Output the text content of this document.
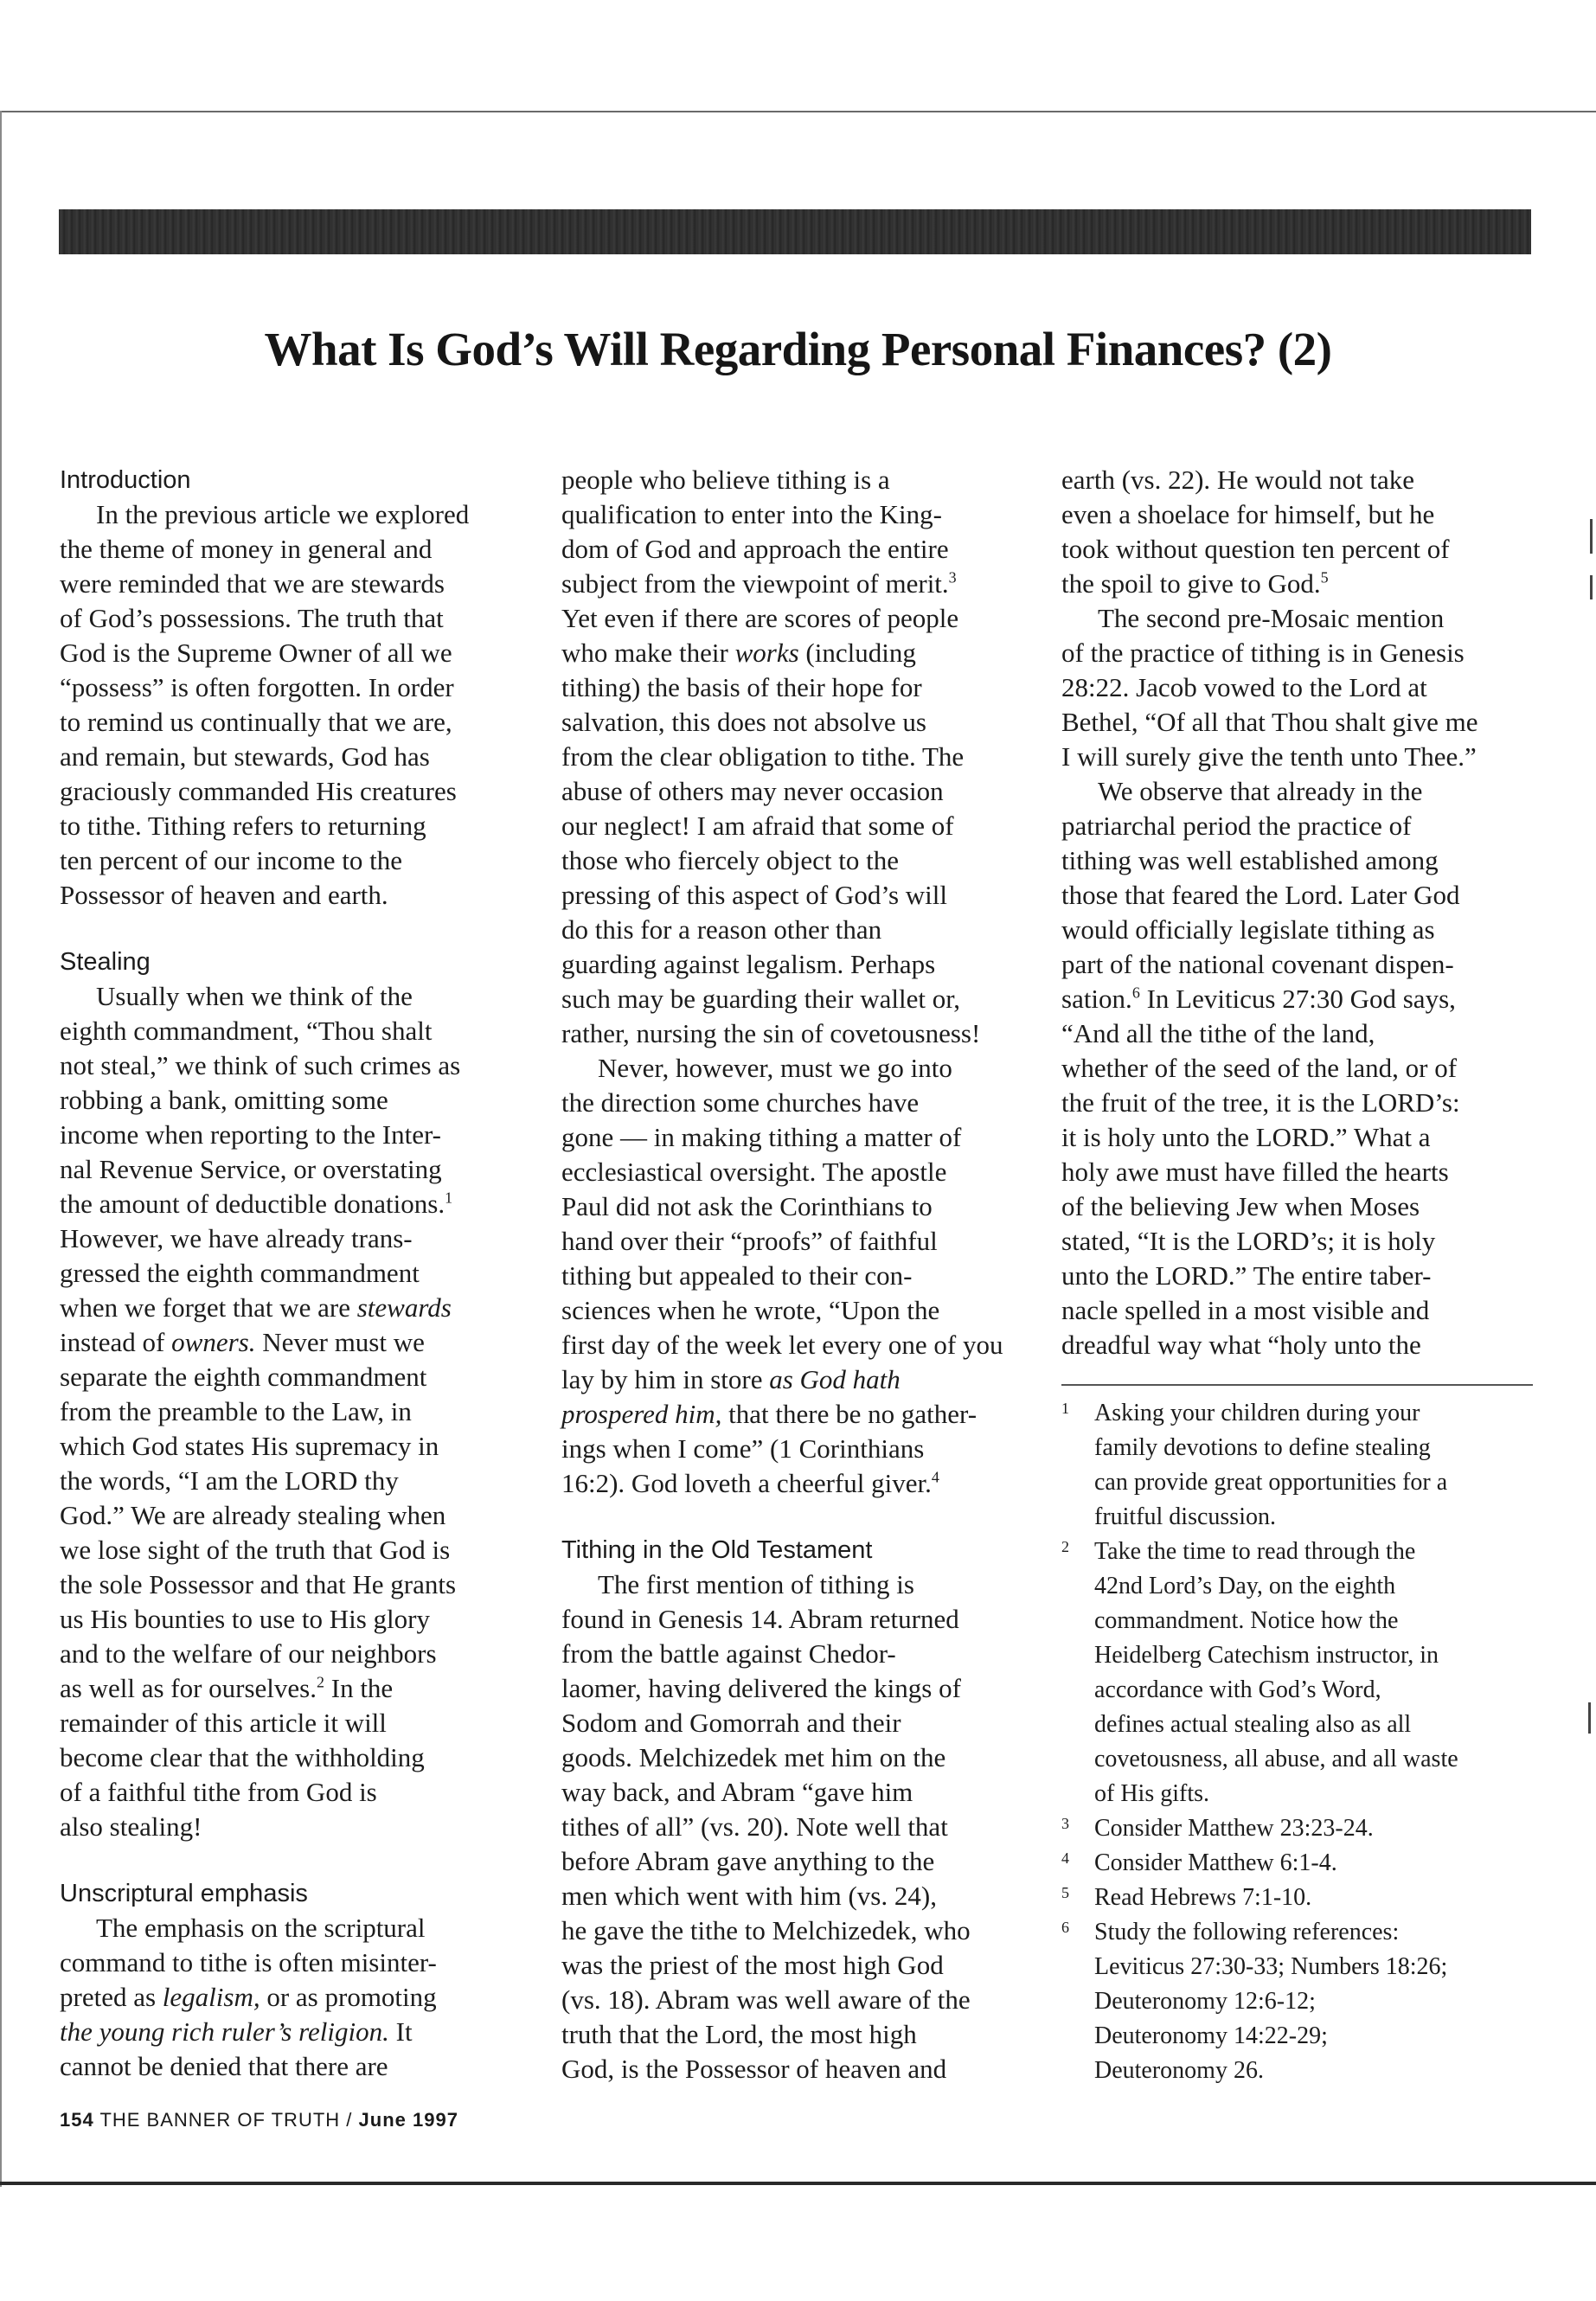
What Is God’s Will Regarding Personal Finances? (2)
Introduction
In the previous article we explored
the theme of money in general and
were reminded that we are stewards
of God’s possessions. The truth that
God is the Supreme Owner of all we
“possess” is often forgotten. In order
to remind us continually that we are,
and remain, but stewards, God has
graciously commanded His creatures
to tithe. Tithing refers to returning
ten percent of our income to the
Possessor of heaven and earth.
Stealing
Usually when we think of the
eighth commandment, “Thou shalt
not steal,” we think of such crimes as
robbing a bank, omitting some
income when reporting to the Inter-
nal Revenue Service, or overstating
the amount of deductible donations.$^1$
However, we have already trans-
gressed the eighth commandment
when we forget that we are stewards
instead of owners. Never must we
separate the eighth commandment
from the preamble to the Law, in
which God states His supremacy in
the words, “I am the LORD thy
God.” We are already stealing when
we lose sight of the truth that God is
the sole Possessor and that He grants
us His bounties to use to His glory
and to the welfare of our neighbors
as well as for ourselves.$^2$ In the
remainder of this article it will
become clear that the withholding
of a faithful tithe from God is
also stealing!
Unscriptural emphasis
The emphasis on the scriptural
command to tithe is often misinter-
preted as legalism, or as promoting
the young rich ruler’s religion. It
cannot be denied that there are
people who believe tithing is a
qualification to enter into the King-
dom of God and approach the entire
subject from the viewpoint of merit.$^3$
Yet even if there are scores of people
who make their works (including
tithing) the basis of their hope for
salvation, this does not absolve us
from the clear obligation to tithe. The
abuse of others may never occasion
our neglect! I am afraid that some of
those who fiercely object to the
pressing of this aspect of God’s will
do this for a reason other than
guarding against legalism. Perhaps
such may be guarding their wallet or,
rather, nursing the sin of covetousness!
Never, however, must we go into
the direction some churches have
gone — in making tithing a matter of
ecclesiastical oversight. The apostle
Paul did not ask the Corinthians to
hand over their “proofs” of faithful
tithing but appealed to their con-
sciences when he wrote, “Upon the
first day of the week let every one of you
lay by him in store as God hath
prospered him, that there be no gather-
ings when I come” (1 Corinthians
16:2). God loveth a cheerful giver.$^4$
Tithing in the Old Testament
The first mention of tithing is
found in Genesis 14. Abram returned
from the battle against Chedor-
laomer, having delivered the kings of
Sodom and Gomorrah and their
goods. Melchizedek met him on the
way back, and Abram “gave him
tithes of all” (vs. 20). Note well that
before Abram gave anything to the
men which went with him (vs. 24),
he gave the tithe to Melchizedek, who
was the priest of the most high God
(vs. 18). Abram was well aware of the
truth that the Lord, the most high
God, is the Possessor of heaven and
earth (vs. 22). He would not take
even a shoelace for himself, but he
took without question ten percent of
the spoil to give to God.$^5$
The second pre-Mosaic mention
of the practice of tithing is in Genesis
28:22. Jacob vowed to the Lord at
Bethel, “Of all that Thou shalt give me
I will surely give the tenth unto Thee.”
We observe that already in the
patriarchal period the practice of
tithing was well established among
those that feared the Lord. Later God
would officially legislate tithing as
part of the national covenant dispen-
sation.$^6$ In Leviticus 27:30 God says,
“And all the tithe of the land,
whether of the seed of the land, or of
the fruit of the tree, it is the LORD’s:
it is holy unto the LORD.” What a
holy awe must have filled the hearts
of the believing Jew when Moses
stated, “It is the LORD’s; it is holy
unto the LORD.” The entire taber-
nacle spelled in a most visible and
dreadful way what “holy unto the
1 Asking your children during your
family devotions to define stealing
can provide great opportunities for a
fruitful discussion.
2 Take the time to read through the
42nd Lord’s Day, on the eighth
commandment. Notice how the
Heidelberg Catechism instructor, in
accordance with God’s Word,
defines actual stealing also as all
covetousness, all abuse, and all waste
of His gifts.
3 Consider Matthew 23:23-24.
4 Consider Matthew 6:1-4.
5 Read Hebrews 7:1-10.
6 Study the following references:
Leviticus 27:30-33; Numbers 18:26;
Deuteronomy 12:6-12;
Deuteronomy 14:22-29;
Deuteronomy 26.
154 THE BANNER OF TRUTH / June 1997
